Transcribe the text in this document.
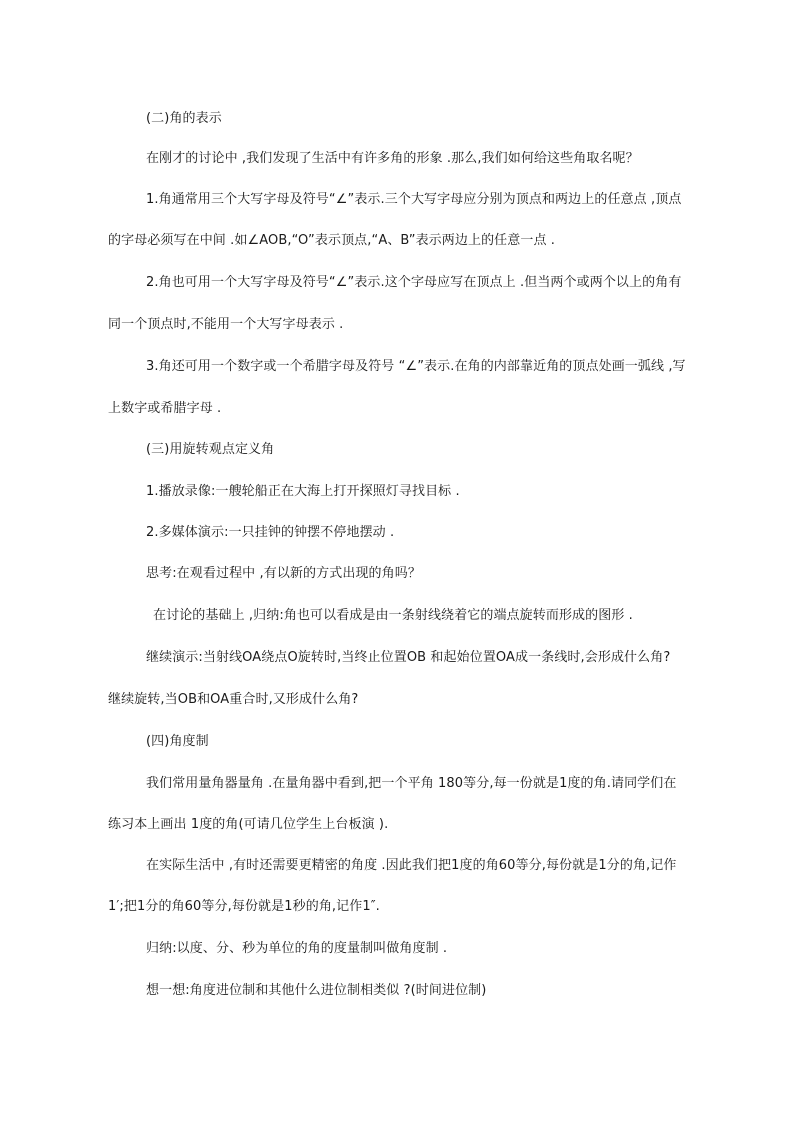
(二)角的表示
在刚才的讨论中 ,我们发现了生活中有许多角的形象 .那么,我们如何给这些角取名呢？
1.角通常用三个大写字母及符号“∠”表示.三个大写字母应分别为顶点和两边上的任意点 ,顶点
的字母必须写在中间 .如∠AOB,“O”表示顶点,“A、B”表示两边上的任意一点 .
2.角也可用一个大写字母及符号“∠”表示.这个字母应写在顶点上 .但当两个或两个以上的角有
同一个顶点时,不能用一个大写字母表示 .
3.角还可用一个数字或一个希腊字母及符号 “∠”表示.在角的内部靠近角的顶点处画一弧线 ,写
上数字或希腊字母 .
(三)用旋转观点定义角
1.播放录像:一艘轮船正在大海上打开探照灯寻找目标 .
2.多媒体演示:一只挂钟的钟摆不停地摆动 .
思考:在观看过程中 ,有以新的方式出现的角吗？
在讨论的基础上 ,归纳:角也可以看成是由一条射线绕着它的端点旋转而形成的图形 .
继续演示:当射线OA绕点O旋转时,当终止位置OB 和起始位置OA成一条线时,会形成什么角?
继续旋转,当OB和OA重合时,又形成什么角?
(四)角度制
我们常用量角器量角 .在量角器中看到,把一个平角 180等分,每一份就是1度的角.请同学们在
练习本上画出 1度的角(可请几位学生上台板演 ).
在实际生活中 ,有时还需要更精密的角度 .因此我们把1度的角60等分,每份就是1分的角,记作
1′;把1分的角60等分,每份就是1秒的角,记作1″.
归纳:以度、分、秒为单位的角的度量制叫做角度制 .
想一想:角度进位制和其他什么进位制相类似 ?(时间进位制)
